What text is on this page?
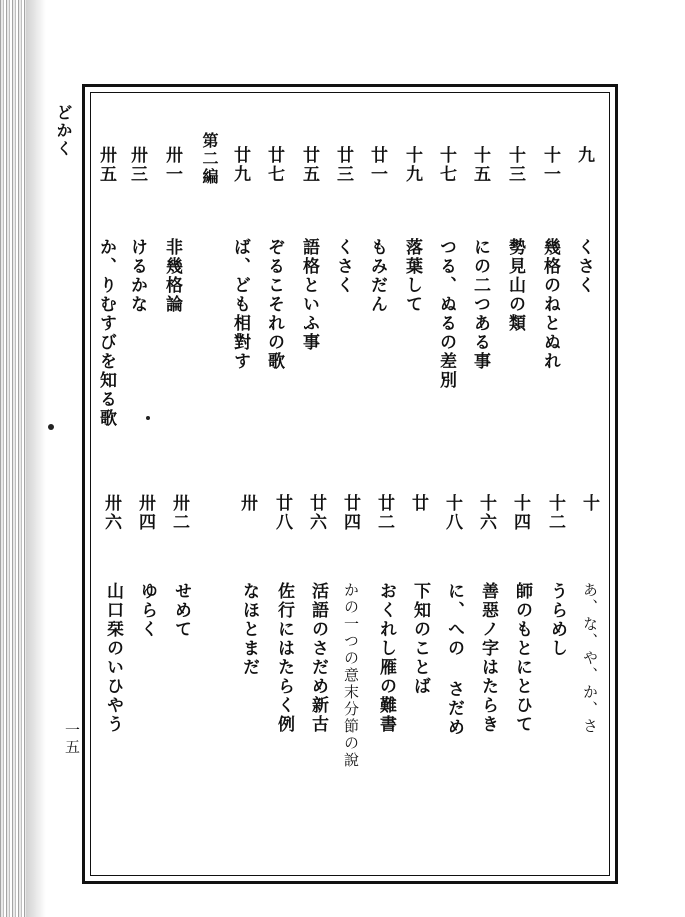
どかく
一五
九
十一
十三
十五
十七
十九
廿一
廿三
廿五
廿七
廿九
第二編
卅一
卅三
卅五
くさく
幾格のねとぬれ
勢見山の類
にの二つある事
つる、ぬるの差別
落葉して
もみだん
くさく
語格といふ事
ぞるこそれの歌
ば、ども相對す
非幾格論
けるかな
か、りむすびを知る歌
十
十二
十四
十六
十八
廿
廿二
廿四
廿六
廿八
卅
卅二
卅四
卅六
あ、な、や、か、さ
うらめし
師のもとにとひて
善惡ノ字はたらき
に、への さだめ
下知のことば
おくれし雁の難書
かの一つの意末分節の說
活語のさだめ新古
佐行にはたらく例
なほとまだ
せめて
ゆらく
山口栞のいひやう
